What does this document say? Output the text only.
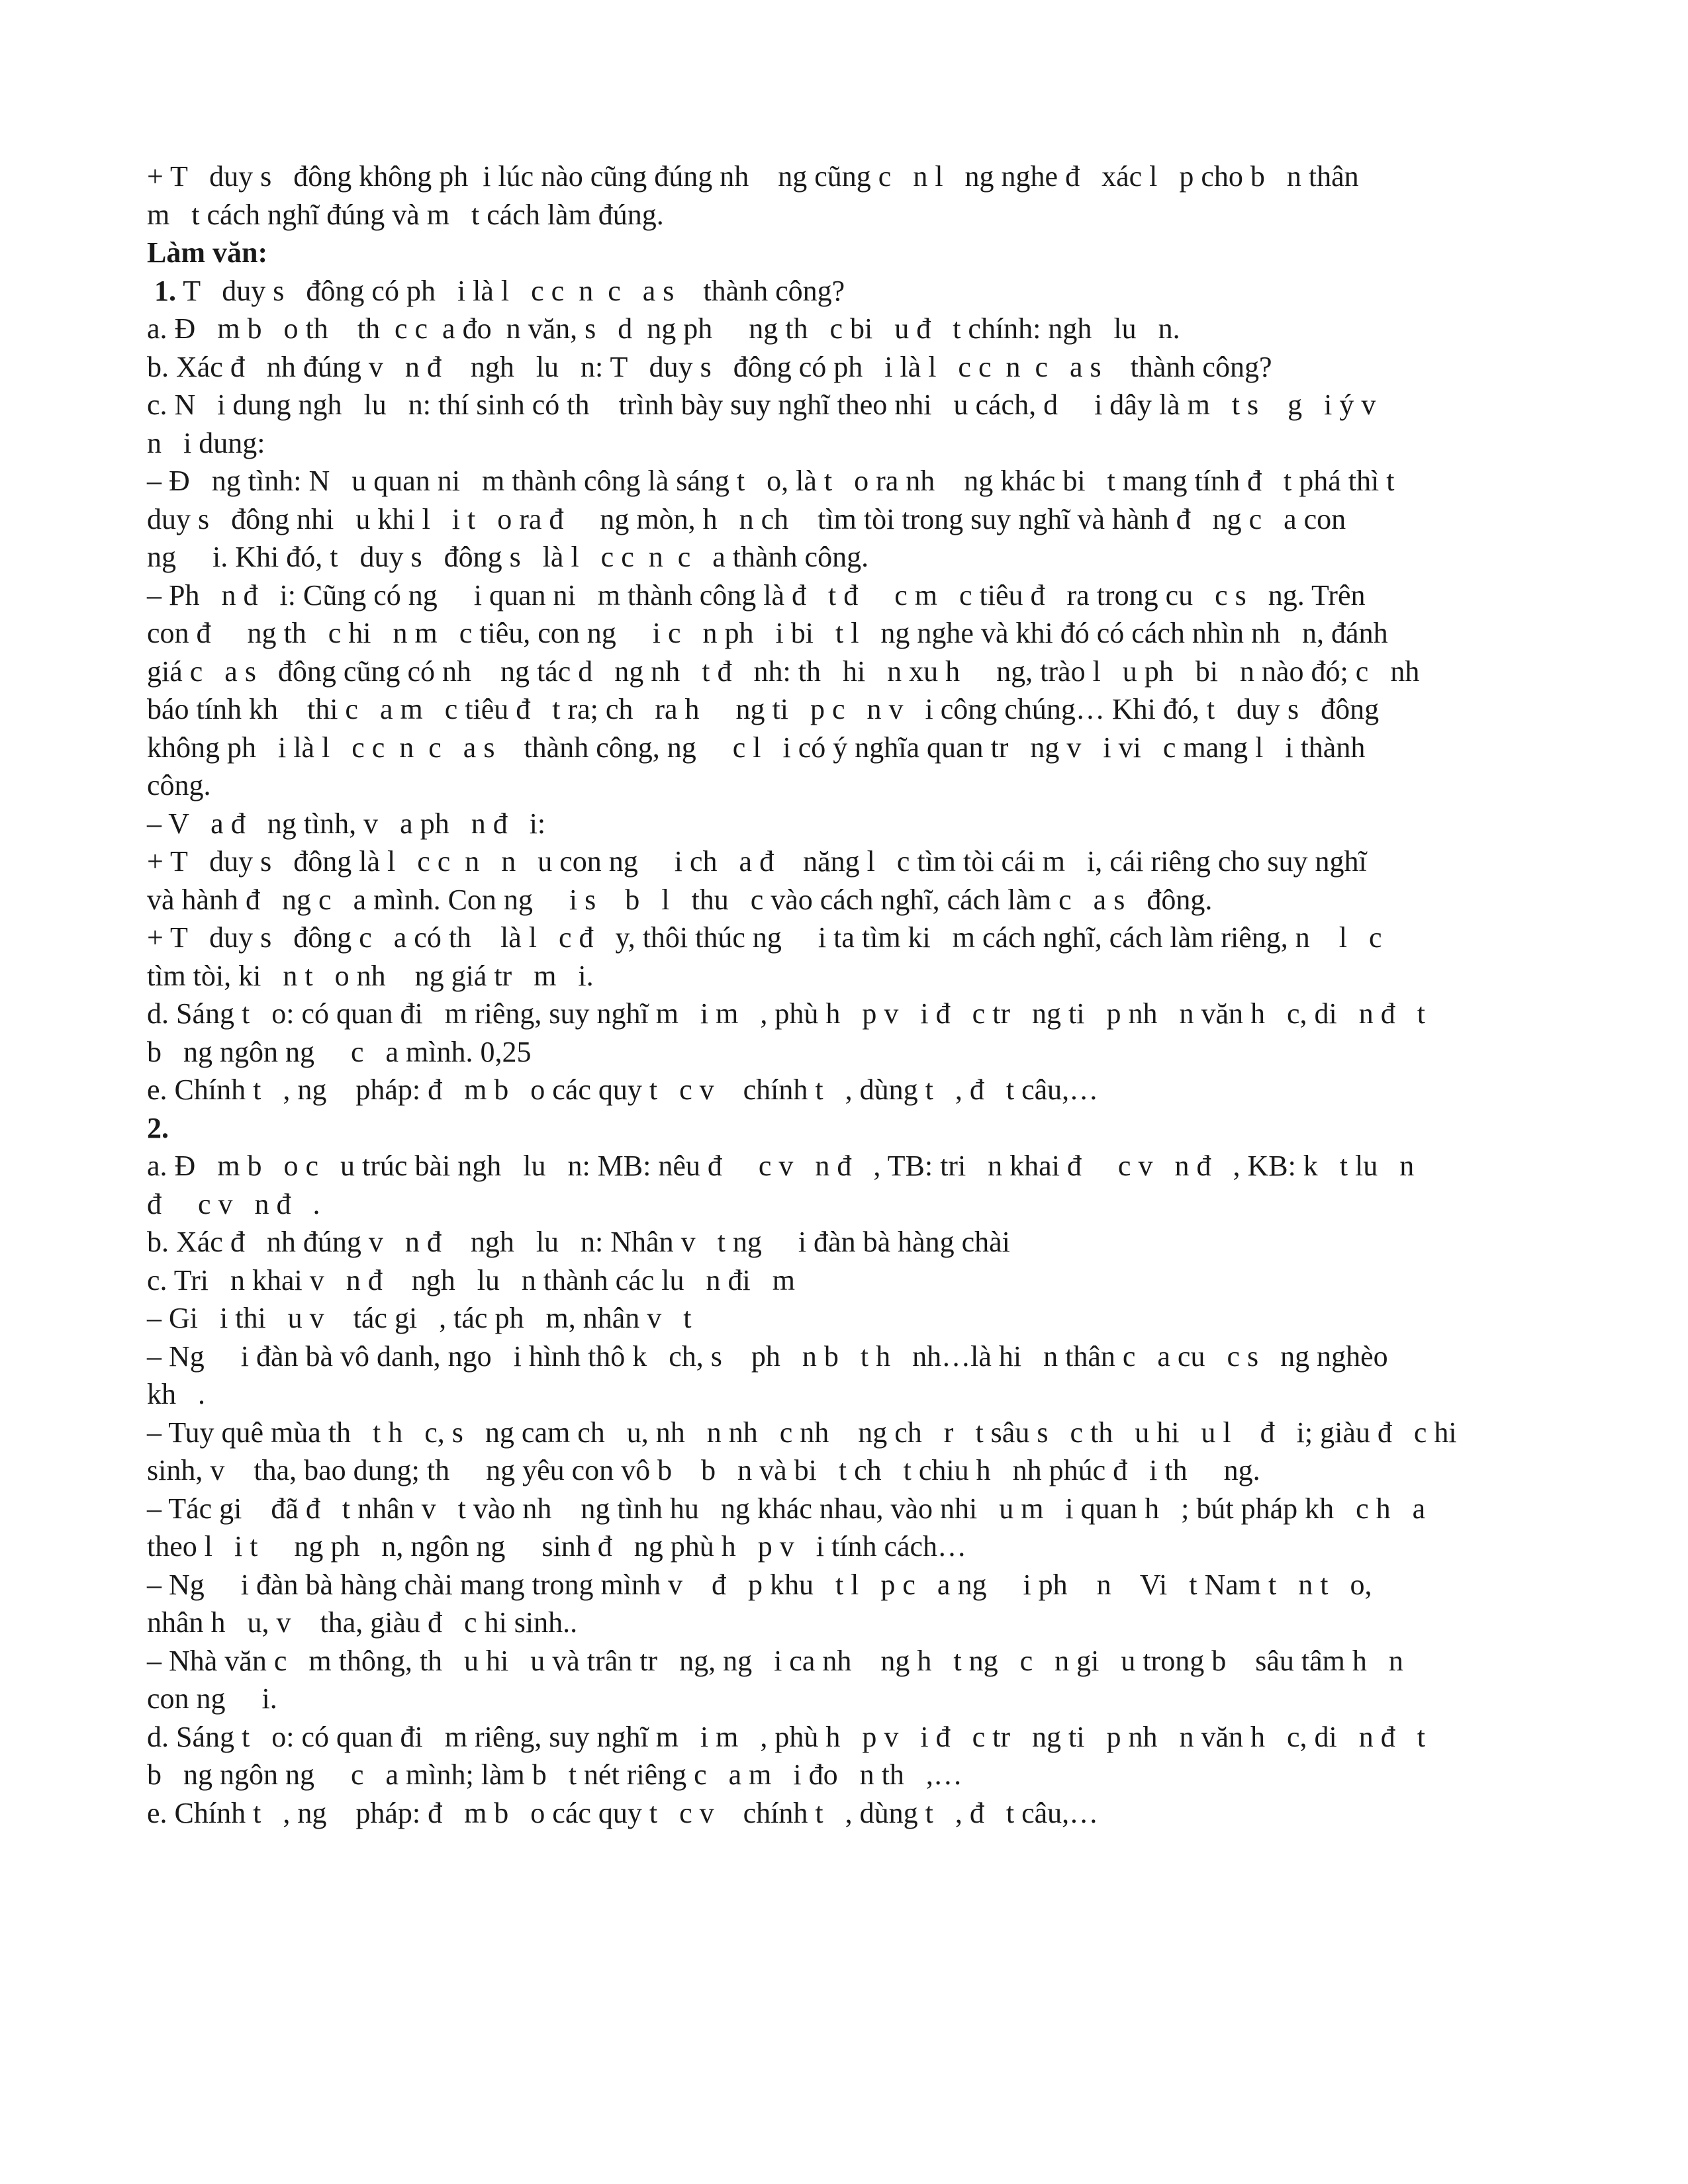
+ T   duy s   đông không ph  i lúc nào cũng đúng nh    ng cũng c   n l   ng nghe đ   xác l   p cho b   n thân
m   t cách nghĩ đúng và m   t cách làm đúng.
Làm văn:
1. T   duy s   đông có ph   i là l   c c  n  c   a s    thành công?
a. Đ   m b   o th    th  c c  a đo  n văn, s   d  ng ph     ng th   c bi   u đ   t chính: ngh   lu   n.
b. Xác đ   nh đúng v   n đ    ngh   lu   n: T   duy s   đông có ph   i là l   c c  n  c   a s    thành công?
c. N   i dung ngh   lu   n: thí sinh có th    trình bày suy nghĩ theo nhi   u cách, d     i dây là m   t s    g   i ý v
n   i dung:
– Đ   ng tình: N   u quan ni   m thành công là sáng t   o, là t   o ra nh    ng khác bi   t mang tính đ   t phá thì t
duy s   đông nhi   u khi l   i t   o ra đ     ng mòn, h   n ch    tìm tòi trong suy nghĩ và hành đ   ng c   a con
ng     i. Khi đó, t   duy s   đông s   là l   c c  n  c   a thành công.
– Ph   n đ   i: Cũng có ng     i quan ni   m thành công là đ   t đ     c m   c tiêu đ   ra trong cu   c s   ng. Trên
con đ     ng th   c hi   n m   c tiêu, con ng     i c   n ph   i bi   t l   ng nghe và khi đó có cách nhìn nh   n, đánh
giá c   a s   đông cũng có nh    ng tác d   ng nh   t đ   nh: th   hi   n xu h     ng, trào l   u ph   bi   n nào đó; c   nh
báo tính kh    thi c   a m   c tiêu đ   t ra; ch   ra h     ng ti   p c   n v   i công chúng… Khi đó, t   duy s   đông
không ph   i là l   c c  n  c   a s    thành công, ng     c l   i có ý nghĩa quan tr   ng v   i vi   c mang l   i thành
công.
– V   a đ   ng tình, v   a ph   n đ   i:
+ T   duy s   đông là l   c c  n   n   u con ng     i ch   a đ    năng l   c tìm tòi cái m   i, cái riêng cho suy nghĩ
và hành đ   ng c   a mình. Con ng     i s    b   l   thu   c vào cách nghĩ, cách làm c   a s   đông.
+ T   duy s   đông c   a có th    là l   c đ   y, thôi thúc ng     i ta tìm ki   m cách nghĩ, cách làm riêng, n    l   c
tìm tòi, ki   n t   o nh    ng giá tr   m   i.
d. Sáng t   o: có quan đi   m riêng, suy nghĩ m   i m   , phù h   p v   i đ   c tr   ng ti   p nh   n văn h   c, di   n đ   t
b   ng ngôn ng     c   a mình. 0,25
e. Chính t   , ng    pháp: đ   m b   o các quy t   c v    chính t   , dùng t   , đ   t câu,…
2.
a. Đ   m b   o c   u trúc bài ngh   lu   n: MB: nêu đ     c v   n đ   , TB: tri   n khai đ     c v   n đ   , KB: k   t lu   n
đ     c v   n đ   .
b. Xác đ   nh đúng v   n đ    ngh   lu   n: Nhân v   t ng     i đàn bà hàng chài
c. Tri   n khai v   n đ    ngh   lu   n thành các lu   n đi   m
– Gi   i thi   u v    tác gi   , tác ph   m, nhân v   t
– Ng     i đàn bà vô danh, ngo   i hình thô k   ch, s    ph   n b   t h   nh…là hi   n thân c   a cu   c s   ng nghèo
kh   .
– Tuy quê mùa th   t h   c, s   ng cam ch   u, nh   n nh   c nh    ng ch   r   t sâu s   c th   u hi   u l    đ   i; giàu đ   c hi
sinh, v    tha, bao dung; th     ng yêu con vô b    b   n và bi   t ch   t chiu h   nh phúc đ   i th     ng.
– Tác gi    đã đ   t nhân v   t vào nh    ng tình hu   ng khác nhau, vào nhi   u m   i quan h   ; bút pháp kh   c h   a
theo l   i t     ng ph   n, ngôn ng     sinh đ   ng phù h   p v   i tính cách…
– Ng     i đàn bà hàng chài mang trong mình v    đ   p khu   t l   p c   a ng     i ph    n    Vi   t Nam t   n t   o,
nhân h   u, v    tha, giàu đ   c hi sinh..
– Nhà văn c   m thông, th   u hi   u và trân tr   ng, ng   i ca nh    ng h   t ng   c   n gi   u trong b    sâu tâm h   n
con ng     i.
d. Sáng t   o: có quan đi   m riêng, suy nghĩ m   i m   , phù h   p v   i đ   c tr   ng ti   p nh   n văn h   c, di   n đ   t
b   ng ngôn ng     c   a mình; làm b   t nét riêng c   a m   i đo   n th   ,…
e. Chính t   , ng    pháp: đ   m b   o các quy t   c v    chính t   , dùng t   , đ   t câu,…
